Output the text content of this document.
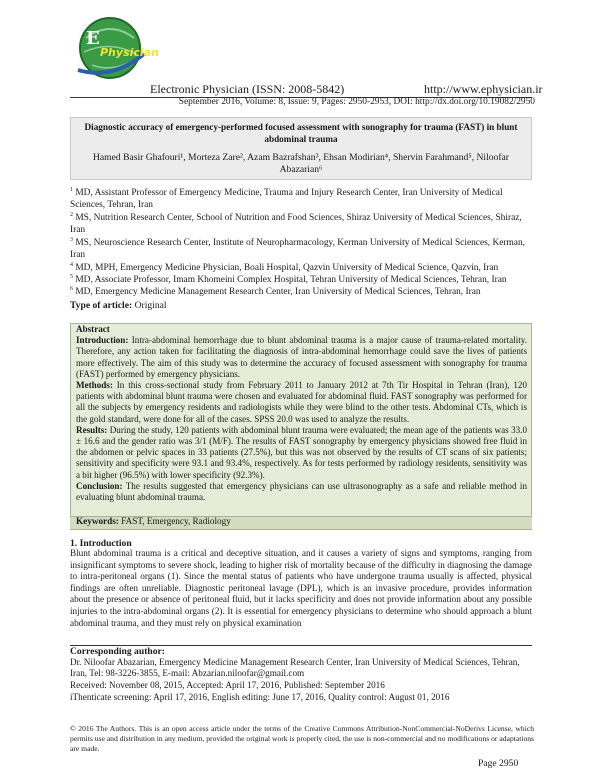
E
Physician
Electronic Physician (ISSN: 2008-5842)	http://www.ephysician.ir
September 2016, Volume: 8, Issue: 9, Pages: 2950-2953, DOI: http://dx.doi.org/10.19082/2950
Diagnostic accuracy of emergency-performed focused assessment with sonography for trauma (FAST) in blunt abdominal trauma
Hamed Basir Ghafouri¹, Morteza Zare², Azam Bazrafshan³, Ehsan Modirian⁴, Shervin Farahmand⁵, Niloofar Abazarian⁶
$^1$ MD, Assistant Professor of Emergency Medicine, Trauma and Injury Research Center, Iran University of Medical Sciences, Tehran, Iran
$^2$ MS, Nutrition Research Center, School of Nutrition and Food Sciences, Shiraz University of Medical Sciences, Shiraz, Iran
$^3$ MS, Neuroscience Research Center, Institute of Neuropharmacology, Kerman University of Medical Sciences, Kerman, Iran
$^4$ MD, MPH, Emergency Medicine Physician, Boali Hospital, Qazvin University of Medical Science, Qazvin, Iran
$^5$ MD, Associate Professor, Imam Khomeini Complex Hospital, Tehran University of Medical Sciences, Tehran, Iran
$^6$ MD, Emergency Medicine Management Research Center, Iran University of Medical Sciences, Tehran, Iran
Type of article: Original
Abstract
Introduction: Intra-abdominal hemorrhage due to blunt abdominal trauma is a major cause of trauma-related mortality. Therefore, any action taken for facilitating the diagnosis of intra-abdominal hemorrhage could save the lives of patients more effectively. The aim of this study was to determine the accuracy of focused assessment with sonography for trauma (FAST) performed by emergency physicians.
Methods: In this cross-sectional study from February 2011 to January 2012 at 7th Tir Hospital in Tehran (Iran), 120 patients with abdominal blunt trauma were chosen and evaluated for abdominal fluid. FAST sonography was performed for all the subjects by emergency residents and radiologists while they were blind to the other tests. Abdominal CTs, which is the gold standard, were done for all of the cases. SPSS 20.0 was used to analyze the results.
Results: During the study, 120 patients with abdominal blunt trauma were evaluated; the mean age of the patients was 33.0 ± 16.6 and the gender ratio was 3/1 (M/F). The results of FAST sonography by emergency physicians showed free fluid in the abdomen or pelvic spaces in 33 patients (27.5%), but this was not observed by the results of CT scans of six patients; sensitivity and specificity were 93.1 and 93.4%, respectively. As for tests performed by radiology residents, sensitivity was a bit higher (96.5%) with lower specificity (92.3%).
Conclusion: The results suggested that emergency physicians can use ultrasonography as a safe and reliable method in evaluating blunt abdominal trauma.
Keywords: FAST, Emergency, Radiology
1. Introduction
Blunt abdominal trauma is a critical and deceptive situation, and it causes a variety of signs and symptoms, ranging from insignificant symptoms to severe shock, leading to higher risk of mortality because of the difficulty in diagnosing the damage to intra-peritoneal organs (1). Since the mental status of patients who have undergone trauma usually is affected, physical findings are often unreliable. Diagnostic peritoneal lavage (DPL), which is an invasive procedure, provides information about the presence or absence of peritoneal fluid, but it lacks specificity and does not provide information about any possible injuries to the intra-abdominal organs (2). It is essential for emergency physicians to determine who should approach a blunt abdominal trauma, and they must rely on physical examination
Corresponding author:
Dr. Niloofar Abazarian, Emergency Medicine Management Research Center, Iran University of Medical Sciences, Tehran, Iran, Tel: 98-3226-3855, E-mail: Abzarian.niloofar@gmail.com
Received: November 08, 2015, Accepted: April 17, 2016, Published: September 2016
iThenticate screening: April 17, 2016, English editing: June 17, 2016, Quality control: August 01, 2016
© 2016 The Authors. This is an open access article under the terms of the Creative Commons Attribution-NonCommercial-NoDerivs License, which permits use and distribution in any medium, provided the original work is properly cited, the use is non-commercial and no modifications or adaptations are made.
Page 2950
